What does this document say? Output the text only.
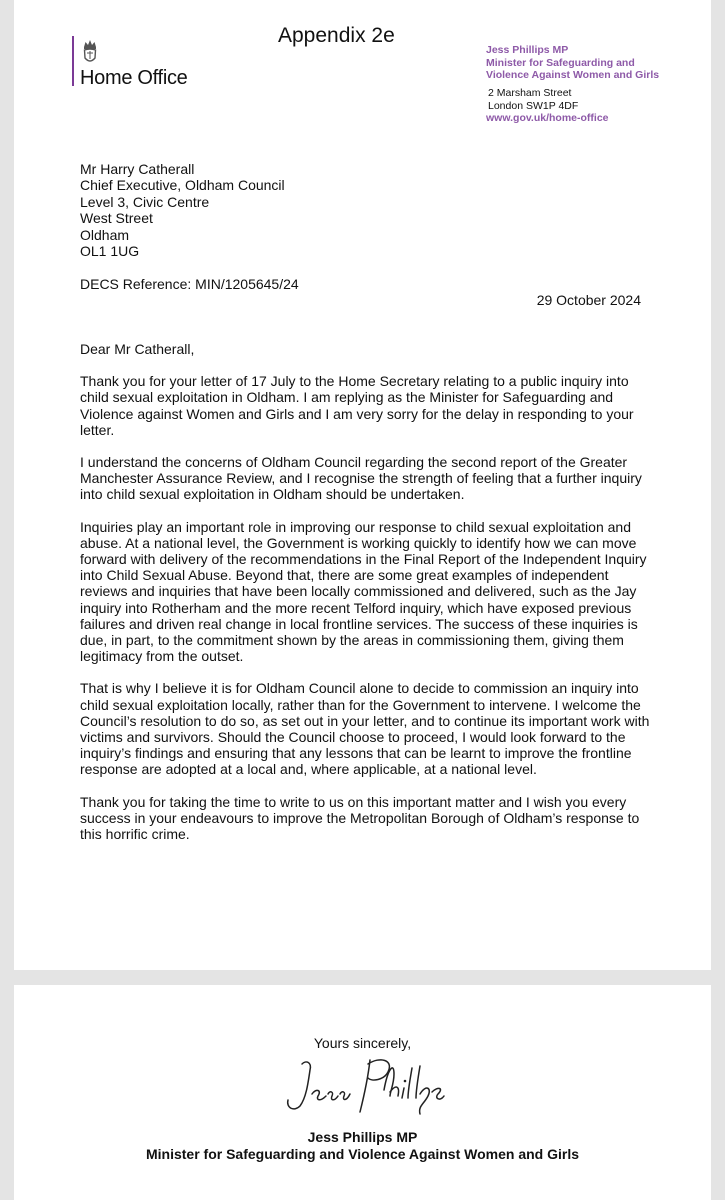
Appendix 2e
Home Office
Jess Phillips MP
Minister for Safeguarding and
Violence Against Women and Girls
2 Marsham Street
London SW1P 4DF
www.gov.uk/home-office
Mr Harry Catherall
Chief Executive, Oldham Council
Level 3, Civic Centre
West Street
Oldham
OL1 1UG
DECS Reference: MIN/1205645/24
29 October 2024

Dear Mr Catherall,

Thank you for your letter of 17 July to the Home Secretary relating to a public inquiry into child sexual exploitation in Oldham. I am replying as the Minister for Safeguarding and Violence against Women and Girls and I am very sorry for the delay in responding to your letter.

I understand the concerns of Oldham Council regarding the second report of the Greater Manchester Assurance Review, and I recognise the strength of feeling that a further inquiry into child sexual exploitation in Oldham should be undertaken.

Inquiries play an important role in improving our response to child sexual exploitation and abuse. At a national level, the Government is working quickly to identify how we can move forward with delivery of the recommendations in the Final Report of the Independent Inquiry into Child Sexual Abuse. Beyond that, there are some great examples of independent reviews and inquiries that have been locally commissioned and delivered, such as the Jay inquiry into Rotherham and the more recent Telford inquiry, which have exposed previous failures and driven real change in local frontline services. The success of these inquiries is due, in part, to the commitment shown by the areas in commissioning them, giving them legitimacy from the outset.

That is why I believe it is for Oldham Council alone to decide to commission an inquiry into child sexual exploitation locally, rather than for the Government to intervene. I welcome the Council’s resolution to do so, as set out in your letter, and to continue its important work with victims and survivors. Should the Council choose to proceed, I would look forward to the inquiry’s findings and ensuring that any lessons that can be learnt to improve the frontline response are adopted at a local and, where applicable, at a national level.

Thank you for taking the time to write to us on this important matter and I wish you every success in your endeavours to improve the Metropolitan Borough of Oldham’s response to this horrific crime.

Yours sincerely,
Jess Phillips MP
Minister for Safeguarding and Violence Against Women and Girls
